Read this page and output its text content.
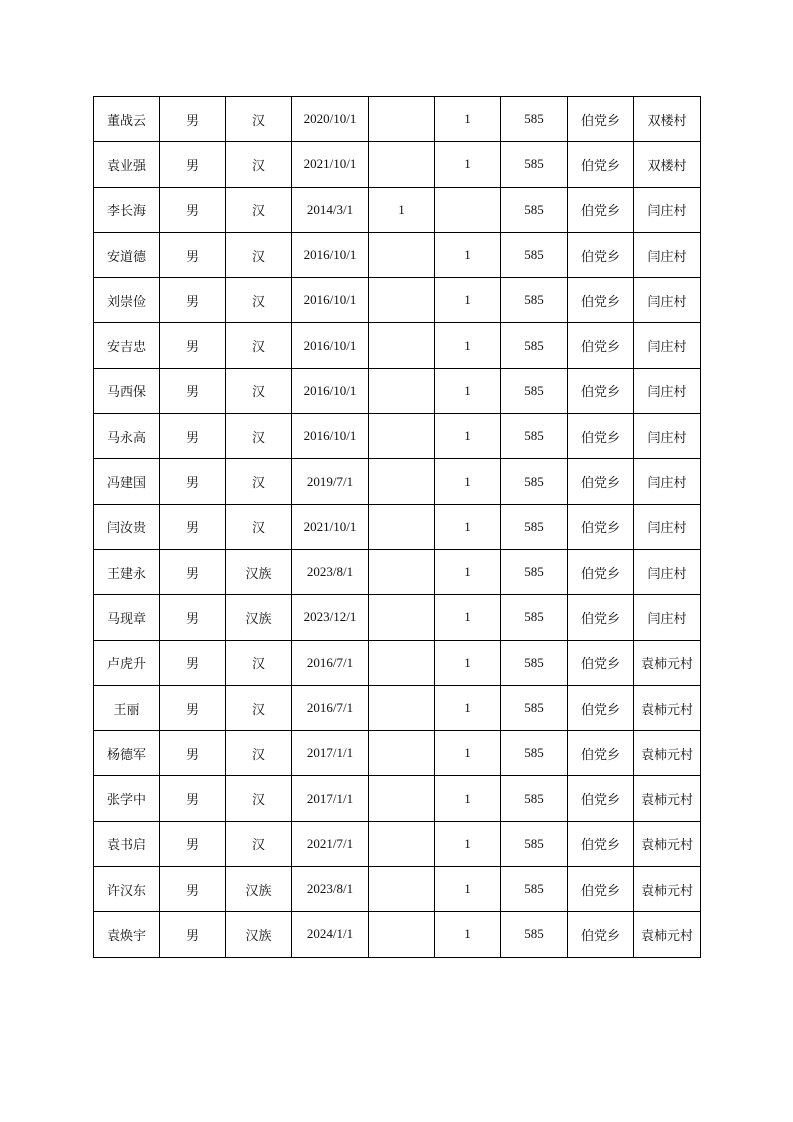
董战云	男	汉	2020/10/1		1	585	伯党乡	双楼村
袁业强	男	汉	2021/10/1		1	585	伯党乡	双楼村
李长海	男	汉	2014/3/1	1		585	伯党乡	闫庄村
安道德	男	汉	2016/10/1		1	585	伯党乡	闫庄村
刘崇俭	男	汉	2016/10/1		1	585	伯党乡	闫庄村
安吉忠	男	汉	2016/10/1		1	585	伯党乡	闫庄村
马西保	男	汉	2016/10/1		1	585	伯党乡	闫庄村
马永高	男	汉	2016/10/1		1	585	伯党乡	闫庄村
冯建国	男	汉	2019/7/1		1	585	伯党乡	闫庄村
闫汝贵	男	汉	2021/10/1		1	585	伯党乡	闫庄村
王建永	男	汉族	2023/8/1		1	585	伯党乡	闫庄村
马现章	男	汉族	2023/12/1		1	585	伯党乡	闫庄村
卢虎升	男	汉	2016/7/1		1	585	伯党乡	袁柿元村
王丽	男	汉	2016/7/1		1	585	伯党乡	袁柿元村
杨德军	男	汉	2017/1/1		1	585	伯党乡	袁柿元村
张学中	男	汉	2017/1/1		1	585	伯党乡	袁柿元村
袁书启	男	汉	2021/7/1		1	585	伯党乡	袁柿元村
许汉东	男	汉族	2023/8/1		1	585	伯党乡	袁柿元村
袁焕宇	男	汉族	2024/1/1		1	585	伯党乡	袁柿元村
